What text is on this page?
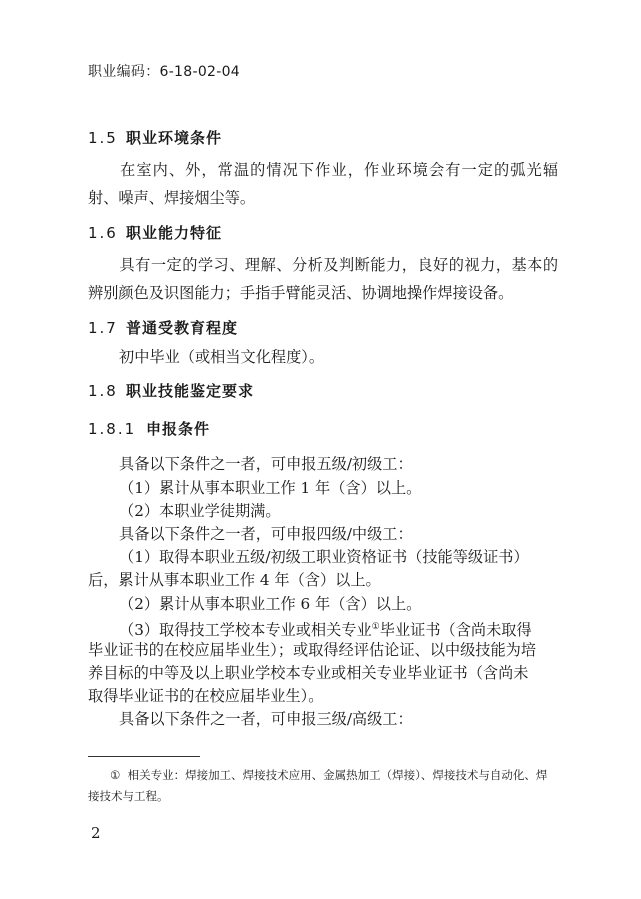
职业编码：6-18-02-04
1.5 职业环境条件

在室内、外，常温的情况下作业，作业环境会有一定的弧光辐射、噪声、焊接烟尘等。

1.6 职业能力特征

具有一定的学习、理解、分析及判断能力，良好的视力，基本的辨别颜色及识图能力；手指手臂能灵活、协调地操作焊接设备。

1.7 普通受教育程度

初中毕业（或相当文化程度）。

1.8 职业技能鉴定要求
1.8.1 申报条件
具备以下条件之一者，可申报五级/初级工：
（1）累计从事本职业工作 1 年（含）以上。
（2）本职业学徒期满。
具备以下条件之一者，可申报四级/中级工：
（1）取得本职业五级/初级工职业资格证书（技能等级证书）
后，累计从事本职业工作 4 年（含）以上。
（2）累计从事本职业工作 6 年（含）以上。
（3）取得技工学校本专业或相关专业①毕业证书（含尚未取得
毕业证书的在校应届毕业生）；或取得经评估论证、以中级技能为培
养目标的中等及以上职业学校本专业或相关专业毕业证书（含尚未
取得毕业证书的在校应届毕业生）。
具备以下条件之一者，可申报三级/高级工：

① 相关专业：焊接加工、焊接技术应用、金属热加工（焊接）、焊接技术与自动化、焊接技术与工程。

2
